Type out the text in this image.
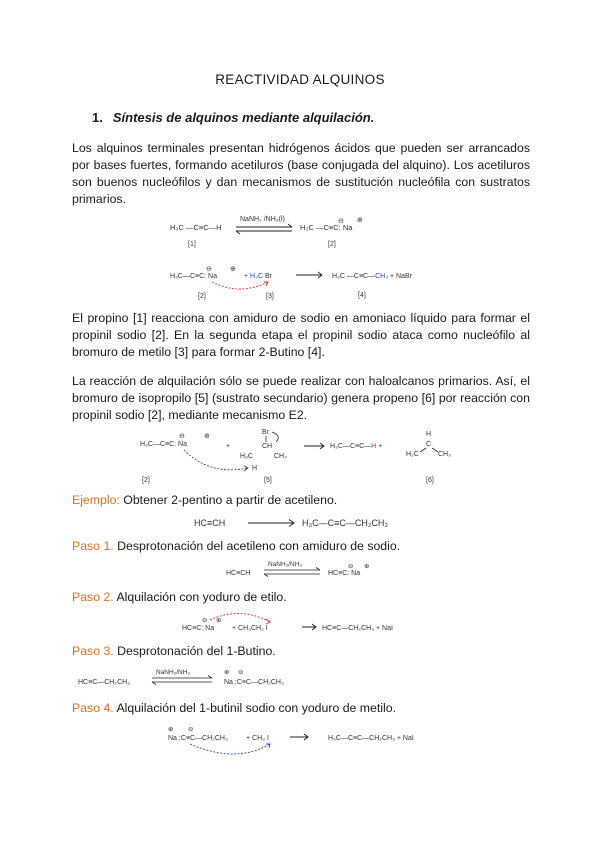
REACTIVIDAD ALQUINOS
1. Síntesis de alquinos mediante alquilación.
Los alquinos terminales presentan hidrógenos ácidos que pueden ser arrancados por bases fuertes, formando acetiluros (base conjugada del alquino). Los acetiluros son buenos nucleófilos y dan mecanismos de sustitución nucleófila con sustratos primarios.
H₃C —C≡C—H
NaNH₂ /NH₃(l)
H₃C —C≡C: Na
⊖ ⊕
[1]	[2]
H₃C—C≡C: Na
⊖	⊕
+ H₃C Br	H₃C —C≡C—CH₃ + NaBr
[2]	[3]	[4]
El propino [1] reacciona con amiduro de sodio en amoniaco líquido para formar el propinil sodio [2]. En la segunda etapa el propinil sodio ataca como nucleófilo al bromuro de metilo [3] para formar 2-Butino [4].
La reacción de alquilación sólo se puede realizar con haloalcanos primarios. Así, el bromuro de isopropilo [5] (sustrato secundario) genera propeno [6] por reacción con propinil sodio [2], mediante mecanismo E2.
H₃C—C≡C: Na
⊖	⊕
+
Br
CH
H₃C	CH₃
H
H₃C—C≡C—H +
H
C
H₂C	CH₃
[2]	[5]	[6]
Ejemplo: Obtener 2-pentino a partir de acetileno.
HC≡CH	H₃C—C≡C—CH₂CH₃
Paso 1. Desprotonación del acetileno con amiduro de sodio.
HC≡CH
NaNH₂/NH₃
HC≡C: Na
⊖ ⊕
Paso 2. Alquilación con yoduro de etilo.
HC≡C: Na
⊖ ⊕
+ CH₃CH₂ I	HC≡C—CH₂CH₃ + NaI
Paso 3. Desprotonación del 1-Butino.
HC≡C—CH₂CH₃
NaNH₂/NH₃	⊕ ⊖
Na :C≡C—CH₂CH₃
Paso 4. Alquilación del 1-butinil sodio con yoduro de metilo.
Na :C≡C—CH₂CH₃
⊕ ⊖
+ CH₃ I	H₃C—C≡C—CH₂CH₃ + NaI
